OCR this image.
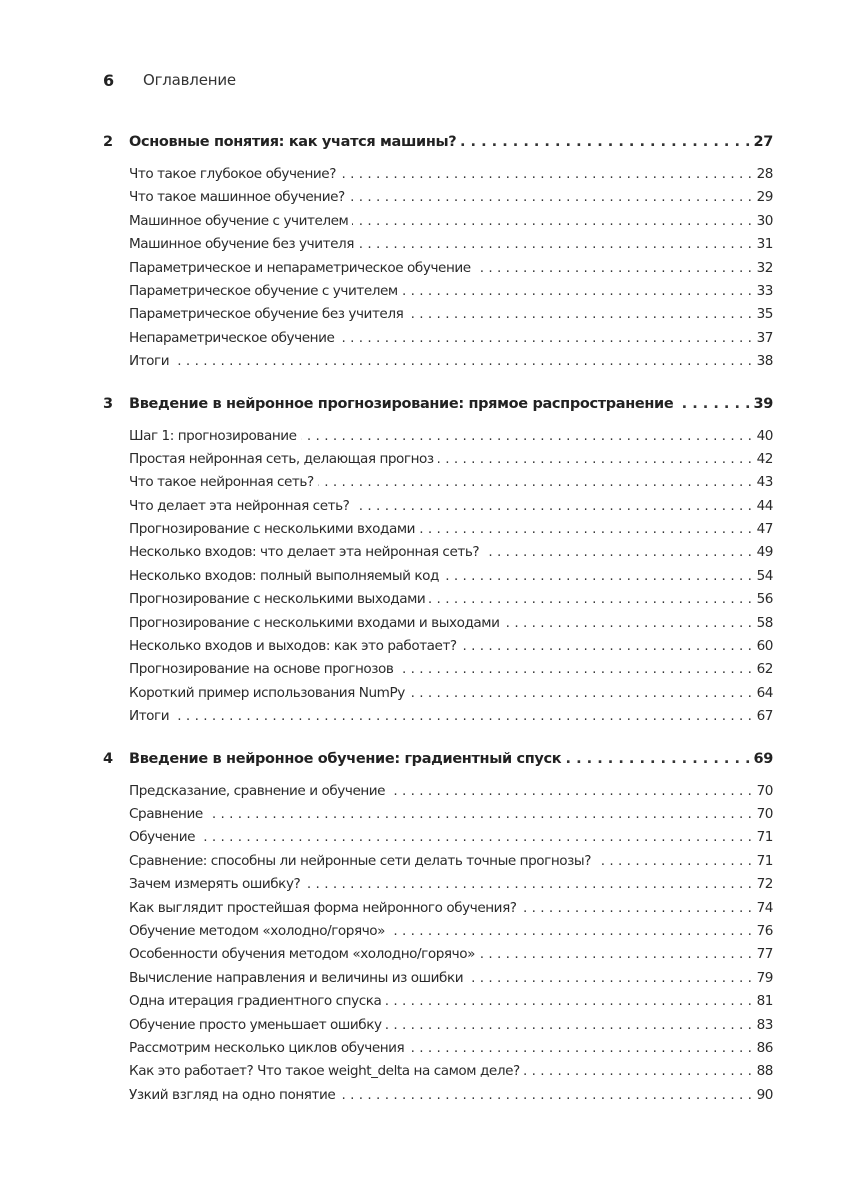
6	Оглавление
2	Основные понятия: как учатся машины? . . .	27
Что такое глубокое обучение? . . .	28
Что такое машинное обучение? . . .	29
Машинное обучение с учителем . . .	30
Машинное обучение без учителя . . .	31
Параметрическое и непараметрическое обучение . . .	32
Параметрическое обучение с учителем . . .	33
Параметрическое обучение без учителя . . .	35
Непараметрическое обучение . . .	37
Итоги . . .	38
3	Введение в нейронное прогнозирование: прямое распространение . . .	39
Шаг 1: прогнозирование . . .	40
Простая нейронная сеть, делающая прогноз . . .	42
Что такое нейронная сеть? . . .	43
Что делает эта нейронная сеть? . . .	44
Прогнозирование с несколькими входами . . .	47
Несколько входов: что делает эта нейронная сеть? . . .	49
Несколько входов: полный выполняемый код . . .	54
Прогнозирование с несколькими выходами . . .	56
Прогнозирование с несколькими входами и выходами . . .	58
Несколько входов и выходов: как это работает? . . .	60
Прогнозирование на основе прогнозов . . .	62
Короткий пример использования NumPy . . .	64
Итоги . . .	67
4	Введение в нейронное обучение: градиентный спуск . . .	69
Предсказание, сравнение и обучение . . .	70
Сравнение . . .	70
Обучение . . .	71
Сравнение: способны ли нейронные сети делать точные прогнозы? . . .	71
Зачем измерять ошибку? . . .	72
Как выглядит простейшая форма нейронного обучения? . . .	74
Обучение методом «холодно/горячо» . . .	76
Особенности обучения методом «холодно/горячо» . . .	77
Вычисление направления и величины из ошибки . . .	79
Одна итерация градиентного спуска . . .	81
Обучение просто уменьшает ошибку . . .	83
Рассмотрим несколько циклов обучения . . .	86
Как это работает? Что такое weight_delta на самом деле? . . .	88
Узкий взгляд на одно понятие . . .	90
